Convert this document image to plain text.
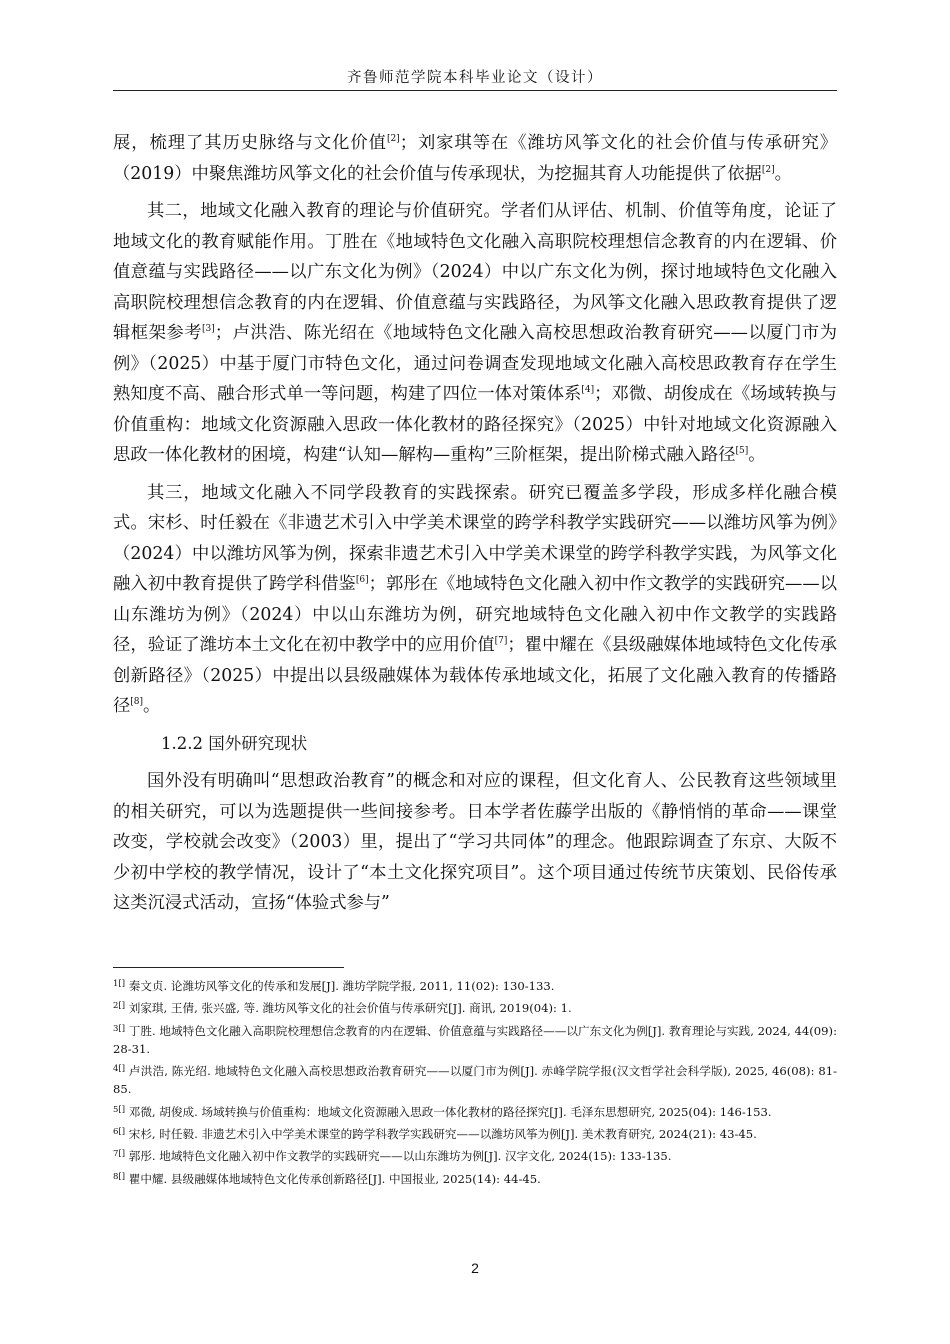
齐鲁师范学院本科毕业论文（设计）

展，梳理了其历史脉络与文化价值[2]；刘家琪等在《潍坊风筝文化的社会价值与传承研究》（2019）中聚焦潍坊风筝文化的社会价值与传承现状，为挖掘其育人功能提供了依据[2]。

其二，地域文化融入教育的理论与价值研究。学者们从评估、机制、价值等角度，论证了地域文化的教育赋能作用。丁胜在《地域特色文化融入高职院校理想信念教育的内在逻辑、价值意蕴与实践路径——以广东文化为例》（2024）中以广东文化为例，探讨地域特色文化融入高职院校理想信念教育的内在逻辑、价值意蕴与实践路径，为风筝文化融入思政教育提供了逻辑框架参考[3]；卢洪浩、陈光绍在《地域特色文化融入高校思想政治教育研究——以厦门市为例》（2025）中基于厦门市特色文化，通过问卷调查发现地域文化融入高校思政教育存在学生熟知度不高、融合形式单一等问题，构建了四位一体对策体系[4]；邓微、胡俊成在《场域转换与价值重构：地域文化资源融入思政一体化教材的路径探究》（2025）中针对地域文化资源融入思政一体化教材的困境，构建“认知—解构—重构”三阶框架，提出阶梯式融入路径[5]。

其三，地域文化融入不同学段教育的实践探索。研究已覆盖多学段，形成多样化融合模式。宋杉、时任毅在《非遗艺术引入中学美术课堂的跨学科教学实践研究——以潍坊风筝为例》（2024）中以潍坊风筝为例，探索非遗艺术引入中学美术课堂的跨学科教学实践，为风筝文化融入初中教育提供了跨学科借鉴[6]；郭彤在《地域特色文化融入初中作文教学的实践研究——以山东潍坊为例》（2024）中以山东潍坊为例，研究地域特色文化融入初中作文教学的实践路径，验证了潍坊本土文化在初中教学中的应用价值[7]；瞿中耀在《县级融媒体地域特色文化传承创新路径》（2025）中提出以县级融媒体为载体传承地域文化，拓展了文化融入教育的传播路径[8]。

1.2.2 国外研究现状

国外没有明确叫“思想政治教育”的概念和对应的课程，但文化育人、公民教育这些领域里的相关研究，可以为选题提供一些间接参考。日本学者佐藤学出版的《静悄悄的革命——课堂改变，学校就会改变》（2003）里，提出了“学习共同体”的理念。他跟踪调查了东京、大阪不少初中学校的教学情况，设计了“本土文化探究项目”。这个项目通过传统节庆策划、民俗传承这类沉浸式活动，宣扬“体验式参与”

$^{1[]}$ 秦文贞. 论潍坊风筝文化的传承和发展[J]. 潍坊学院学报, 2011, 11(02): 130-133.

$^{2[]}$ 刘家琪, 王倩, 张兴盛, 等. 潍坊风筝文化的社会价值与传承研究[J]. 商讯, 2019(04): 1.

$^{3[]}$ 丁胜. 地域特色文化融入高职院校理想信念教育的内在逻辑、价值意蕴与实践路径——以广东文化为例[J]. 教育理论与实践, 2024, 44(09): 28-31.

$^{4[]}$ 卢洪浩, 陈光绍. 地域特色文化融入高校思想政治教育研究——以厦门市为例[J]. 赤峰学院学报(汉文哲学社会科学版), 2025, 46(08): 81-85.

$^{5[]}$ 邓微, 胡俊成. 场域转换与价值重构：地域文化资源融入思政一体化教材的路径探究[J]. 毛泽东思想研究, 2025(04): 146-153.

$^{6[]}$ 宋杉, 时任毅. 非遗艺术引入中学美术课堂的跨学科教学实践研究——以潍坊风筝为例[J]. 美术教育研究, 2024(21): 43-45.

$^{7[]}$ 郭彤. 地域特色文化融入初中作文教学的实践研究——以山东潍坊为例[J]. 汉字文化, 2024(15): 133-135.

$^{8[]}$ 瞿中耀. 县级融媒体地域特色文化传承创新路径[J]. 中国报业, 2025(14): 44-45.

2
